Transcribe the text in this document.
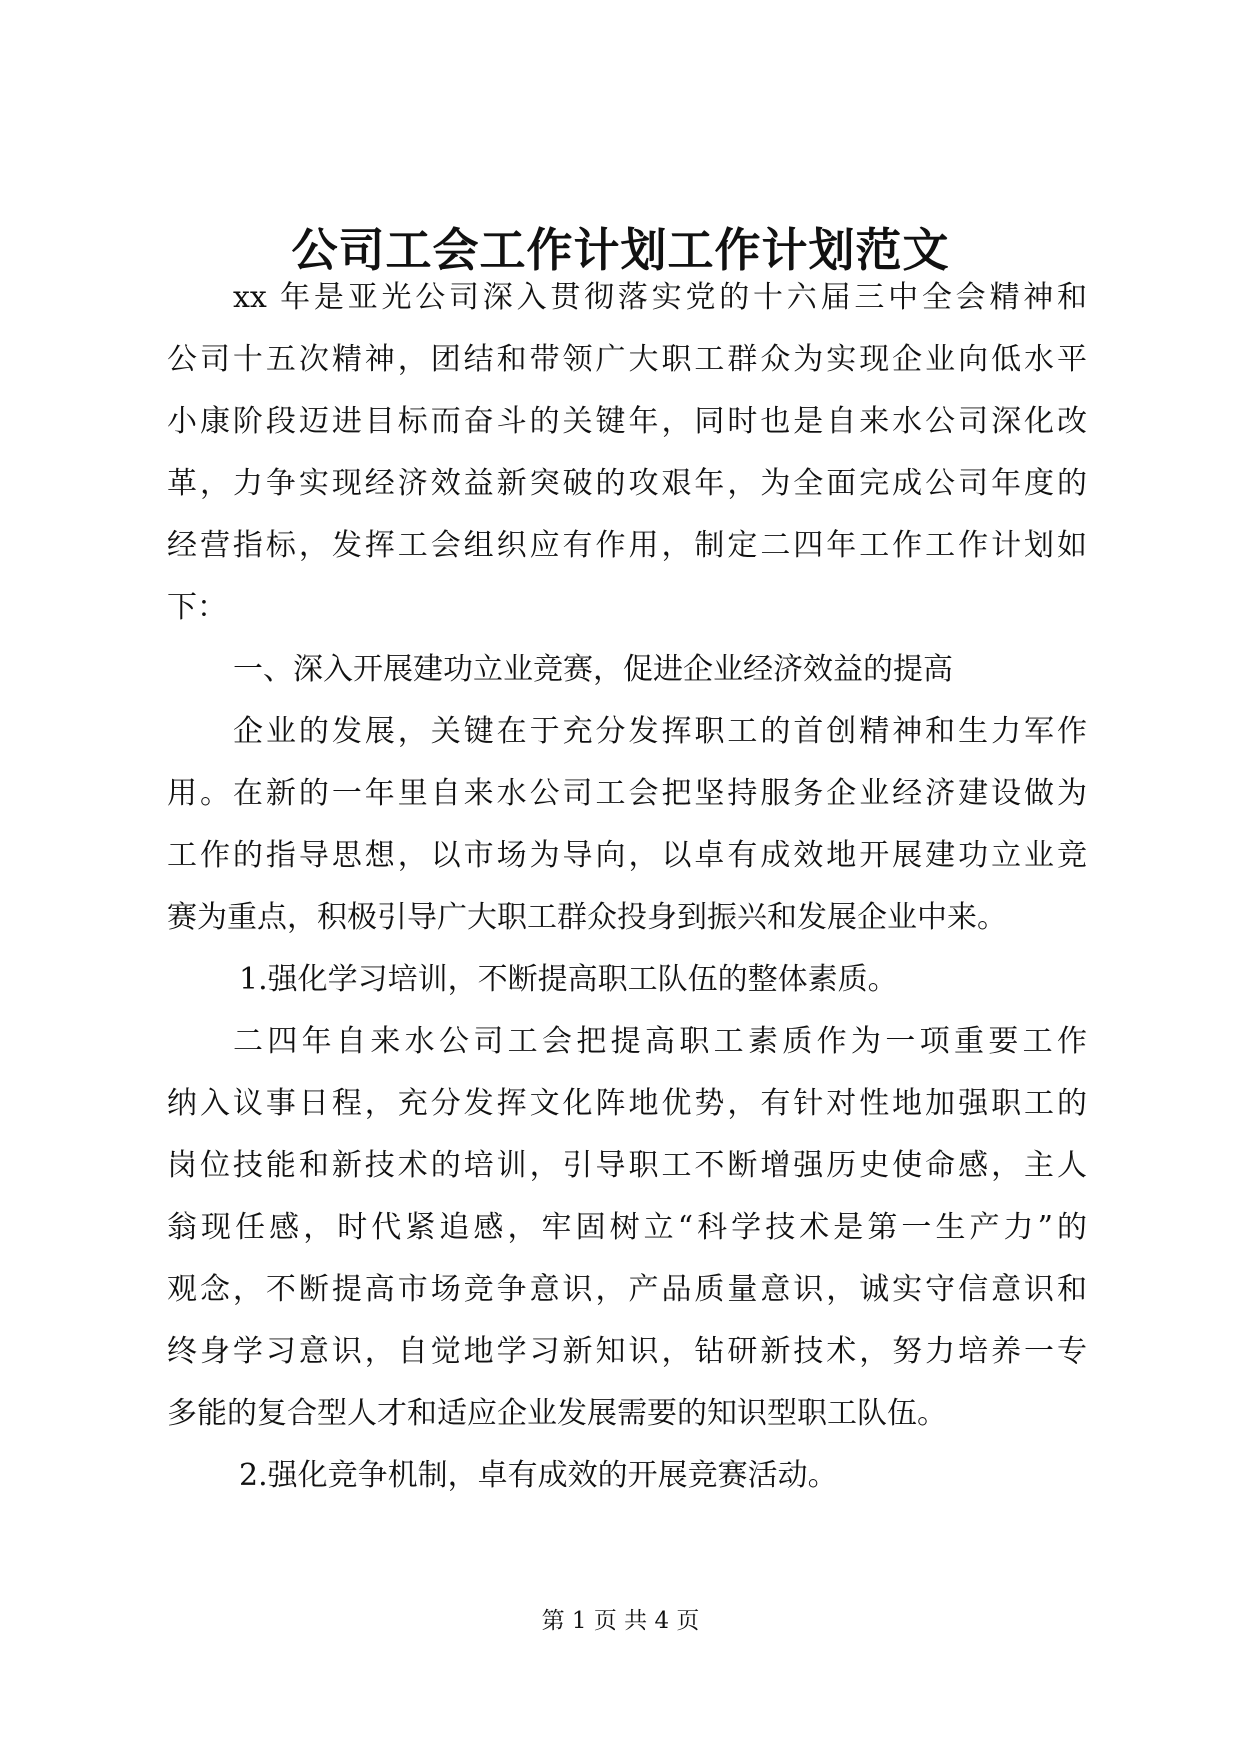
公司工会工作计划工作计划范文
xx 年是亚光公司深入贯彻落实党的十六届三中全会精神和
公司十五次精神，团结和带领广大职工群众为实现企业向低水平
小康阶段迈进目标而奋斗的关键年，同时也是自来水公司深化改
革，力争实现经济效益新突破的攻艰年，为全面完成公司年度的
经营指标，发挥工会组织应有作用，制定二四年工作工作计划如
下：
一、深入开展建功立业竞赛，促进企业经济效益的提高
企业的发展，关键在于充分发挥职工的首创精神和生力军作
用。在新的一年里自来水公司工会把坚持服务企业经济建设做为
工作的指导思想，以市场为导向，以卓有成效地开展建功立业竞
赛为重点，积极引导广大职工群众投身到振兴和发展企业中来。
1.强化学习培训，不断提高职工队伍的整体素质。
二四年自来水公司工会把提高职工素质作为一项重要工作
纳入议事日程，充分发挥文化阵地优势，有针对性地加强职工的
岗位技能和新技术的培训，引导职工不断增强历史使命感，主人
翁现任感，时代紧追感，牢固树立“科学技术是第一生产力”的
观念，不断提高市场竞争意识，产品质量意识，诚实守信意识和
终身学习意识，自觉地学习新知识，钻研新技术，努力培养一专
多能的复合型人才和适应企业发展需要的知识型职工队伍。
2.强化竞争机制，卓有成效的开展竞赛活动。
第 1 页 共 4 页
